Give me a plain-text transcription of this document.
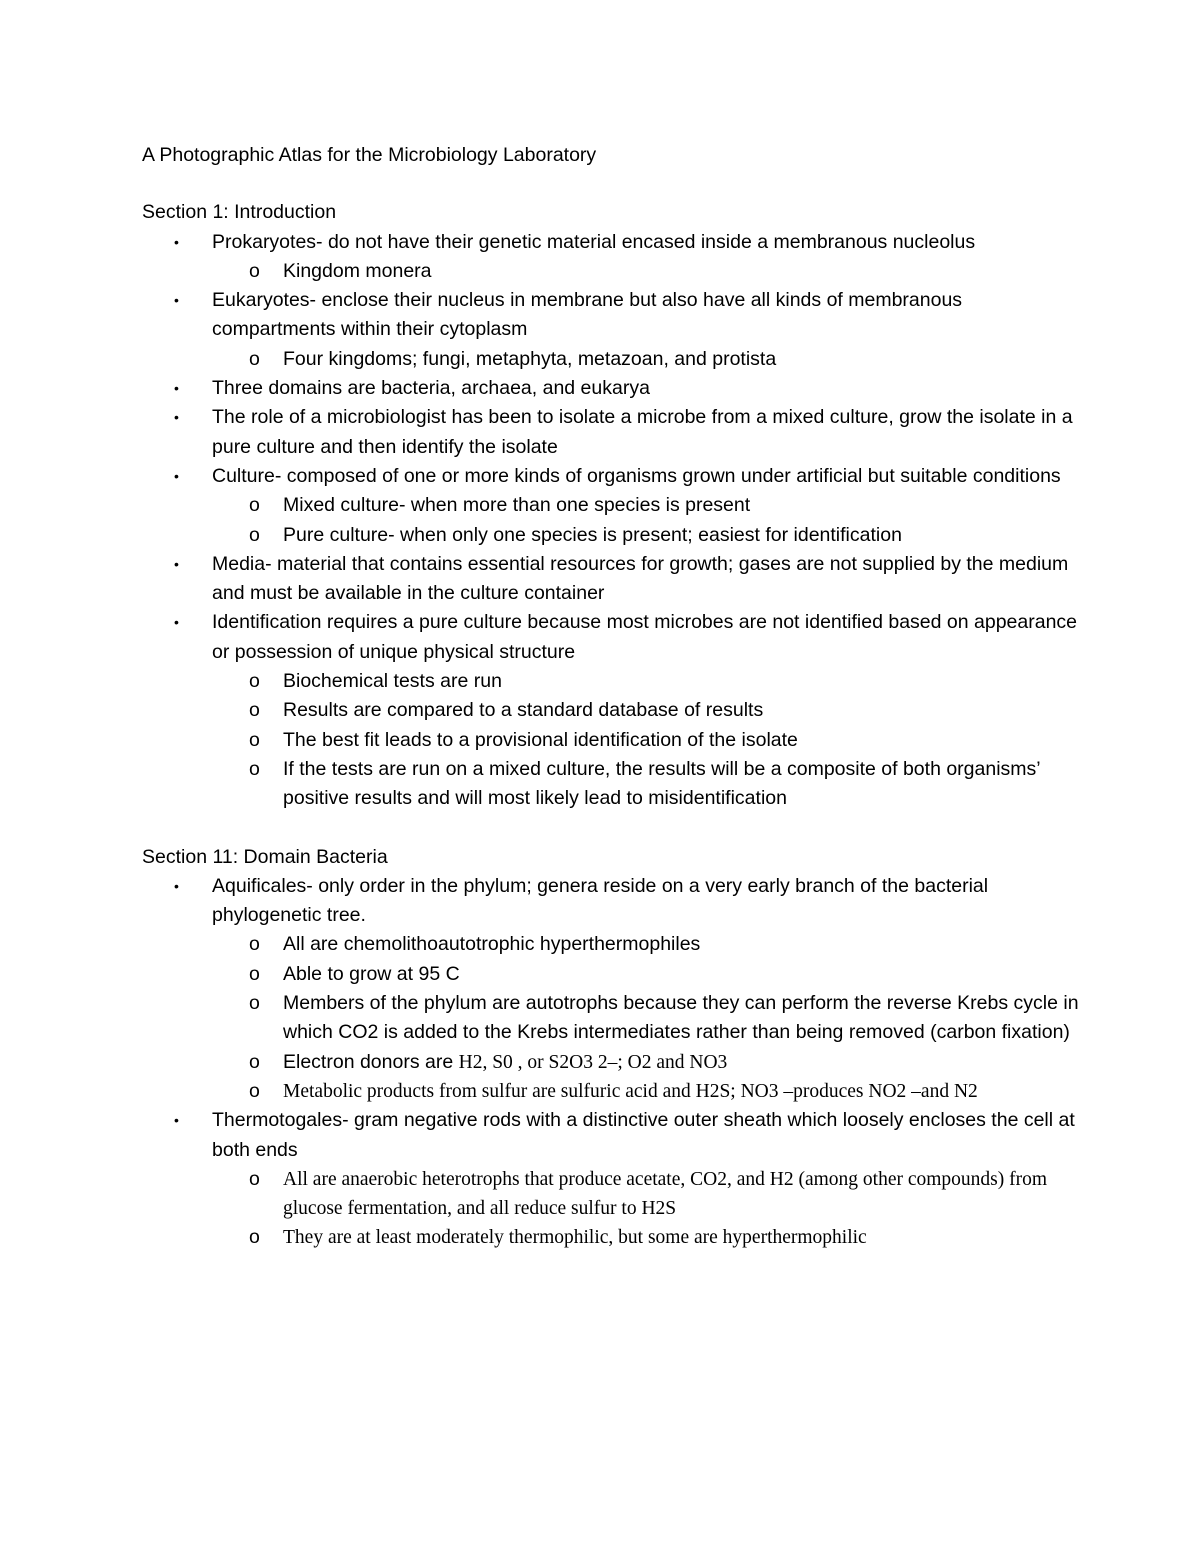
A Photographic Atlas for the Microbiology Laboratory

Section 1: Introduction

• Prokaryotes- do not have their genetic material encased inside a membranous nucleolus
o Kingdom monera
• Eukaryotes- enclose their nucleus in membrane but also have all kinds of membranous compartments within their cytoplasm
o Four kingdoms; fungi, metaphyta, metazoan, and protista
• Three domains are bacteria, archaea, and eukarya
• The role of a microbiologist has been to isolate a microbe from a mixed culture, grow the isolate in a pure culture and then identify the isolate
• Culture- composed of one or more kinds of organisms grown under artificial but suitable conditions
o Mixed culture- when more than one species is present
o Pure culture- when only one species is present; easiest for identification
• Media- material that contains essential resources for growth; gases are not supplied by the medium and must be available in the culture container
• Identification requires a pure culture because most microbes are not identified based on appearance or possession of unique physical structure
o Biochemical tests are run
o Results are compared to a standard database of results
o The best fit leads to a provisional identification of the isolate
o If the tests are run on a mixed culture, the results will be a composite of both organisms’ positive results and will most likely lead to misidentification

Section 11: Domain Bacteria

• Aquificales- only order in the phylum; genera reside on a very early branch of the bacterial phylogenetic tree.
o All are chemolithoautotrophic hyperthermophiles
o Able to grow at 95 C
o Members of the phylum are autotrophs because they can perform the reverse Krebs cycle in which CO2 is added to the Krebs intermediates rather than being removed (carbon fixation)
o Electron donors are H2, S0 , or S2O3 2–; O2 and NO3
o Metabolic products from sulfur are sulfuric acid and H2S; NO3 –produces NO2 –and N2
• Thermotogales- gram negative rods with a distinctive outer sheath which loosely encloses the cell at both ends
o All are anaerobic heterotrophs that produce acetate, CO2, and H2 (among other compounds) from glucose fermentation, and all reduce sulfur to H2S
o They are at least moderately thermophilic, but some are hyperthermophilic
